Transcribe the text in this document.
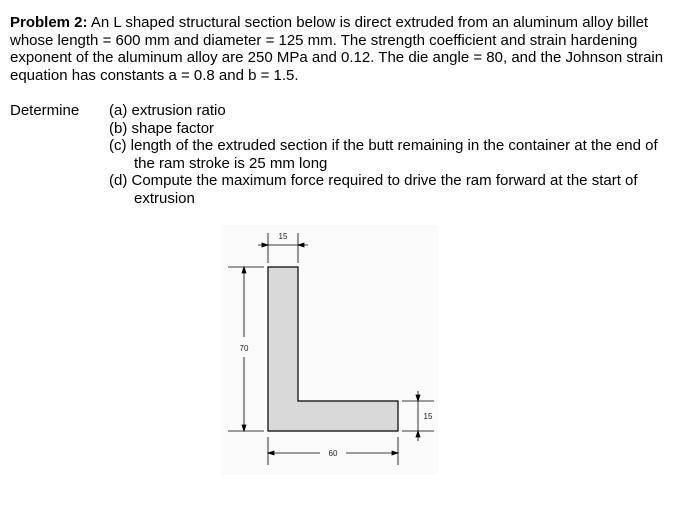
Problem 2: An L shaped structural section below is direct extruded from an aluminum alloy billet whose length = 600 mm and diameter = 125 mm. The strength coefficient and strain hardening exponent of the aluminum alloy are 250 MPa and 0.12. The die angle = 80, and the Johnson strain equation has constants a = 0.8 and b = 1.5.
Determine (a) extrusion ratio
(b) shape factor
(c) length of the extruded section if the butt remaining in the container at the end of the ram stroke is 25 mm long
(d) Compute the maximum force required to drive the ram forward at the start of extrusion
15
70
15
60
